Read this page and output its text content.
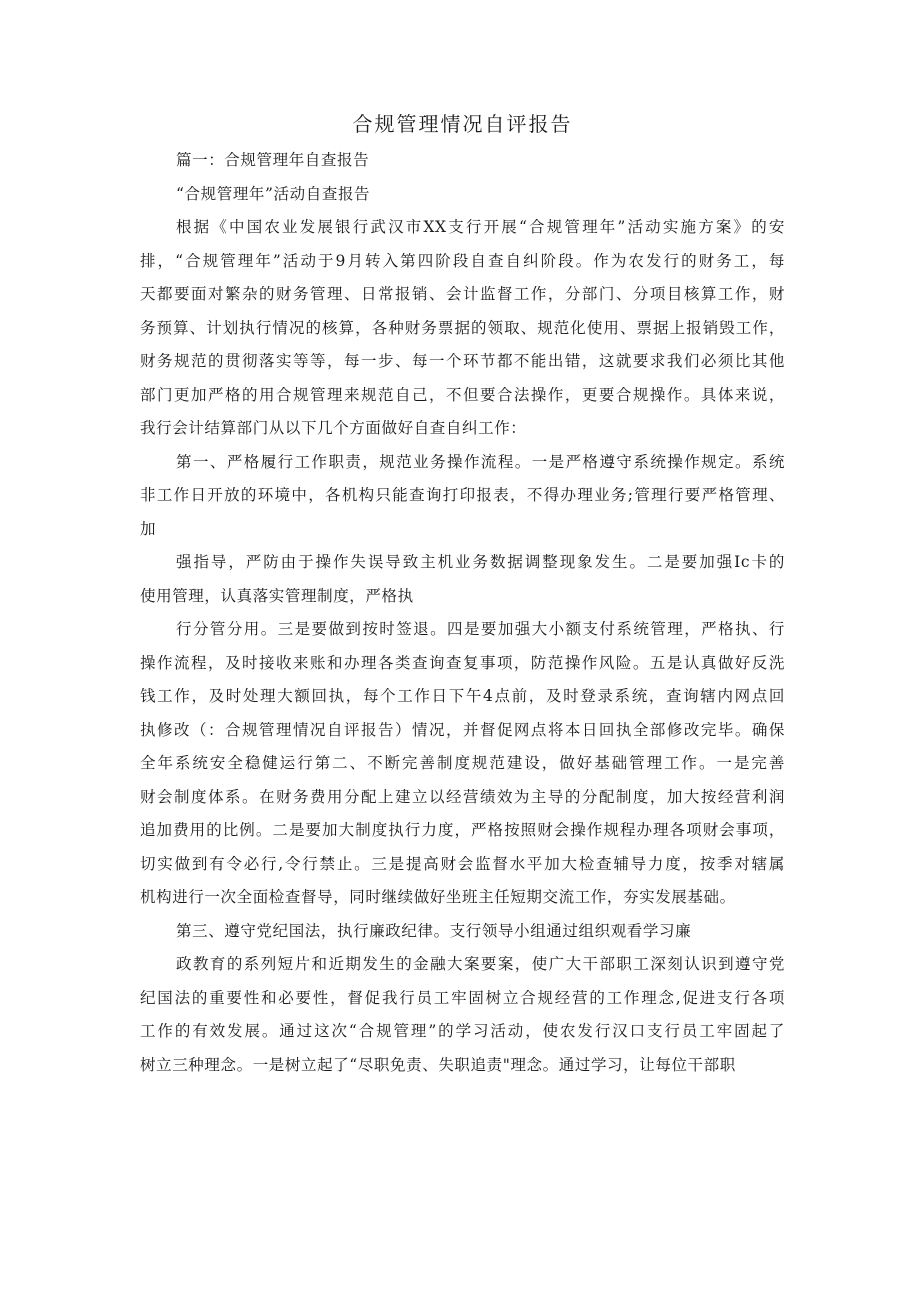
合规管理情况自评报告

篇一：合规管理年自查报告

“合规管理年”活动自查报告

根据《中国农业发展银行武汉市XX支行开展“合规管理年”活动实施方案》的安
排，“合规管理年”活动于9月转入第四阶段自查自纠阶段。作为农发行的财务工，每
天都要面对繁杂的财务管理、日常报销、会计监督工作，分部门、分项目核算工作，财
务预算、计划执行情况的核算，各种财务票据的领取、规范化使用、票据上报销毁工作，
财务规范的贯彻落实等等，每一步、每一个环节都不能出错，这就要求我们必须比其他
部门更加严格的用合规管理来规范自己，不但要合法操作，更要合规操作。具体来说，
我行会计结算部门从以下几个方面做好自查自纠工作：

第一、严格履行工作职责，规范业务操作流程。一是严格遵守系统操作规定。系统
非工作日开放的环境中，各机构只能查询打印报表，不得办理业务;管理行要严格管理、
加

强指导，严防由于操作失误导致主机业务数据调整现象发生。二是要加强Ic卡的
使用管理，认真落实管理制度，严格执

行分管分用。三是要做到按时签退。四是要加强大小额支付系统管理，严格执、行
操作流程，及时接收来账和办理各类查询查复事项，防范操作风险。五是认真做好反洗
钱工作，及时处理大额回执，每个工作日下午4点前，及时登录系统，查询辖内网点回
执修改（：合规管理情况自评报告）情况，并督促网点将本日回执全部修改完毕。确保
全年系统安全稳健运行第二、不断完善制度规范建设，做好基础管理工作。一是完善
财会制度体系。在财务费用分配上建立以经营绩效为主导的分配制度，加大按经营利润
追加费用的比例。二是要加大制度执行力度，严格按照财会操作规程办理各项财会事项，
切实做到有令必行,令行禁止。三是提高财会监督水平加大检查辅导力度，按季对辖属
机构进行一次全面检查督导，同时继续做好坐班主任短期交流工作，夯实发展基础。

第三、遵守党纪国法，执行廉政纪律。支行领导小组通过组织观看学习廉

政教育的系列短片和近期发生的金融大案要案，使广大干部职工深刻认识到遵守党
纪国法的重要性和必要性，督促我行员工牢固树立合规经营的工作理念,促进支行各项
工作的有效发展。通过这次“合规管理”的学习活动，使农发行汉口支行员工牢固起了
树立三种理念。一是树立起了“尽职免责、失职追责"理念。通过学习，让每位干部职
